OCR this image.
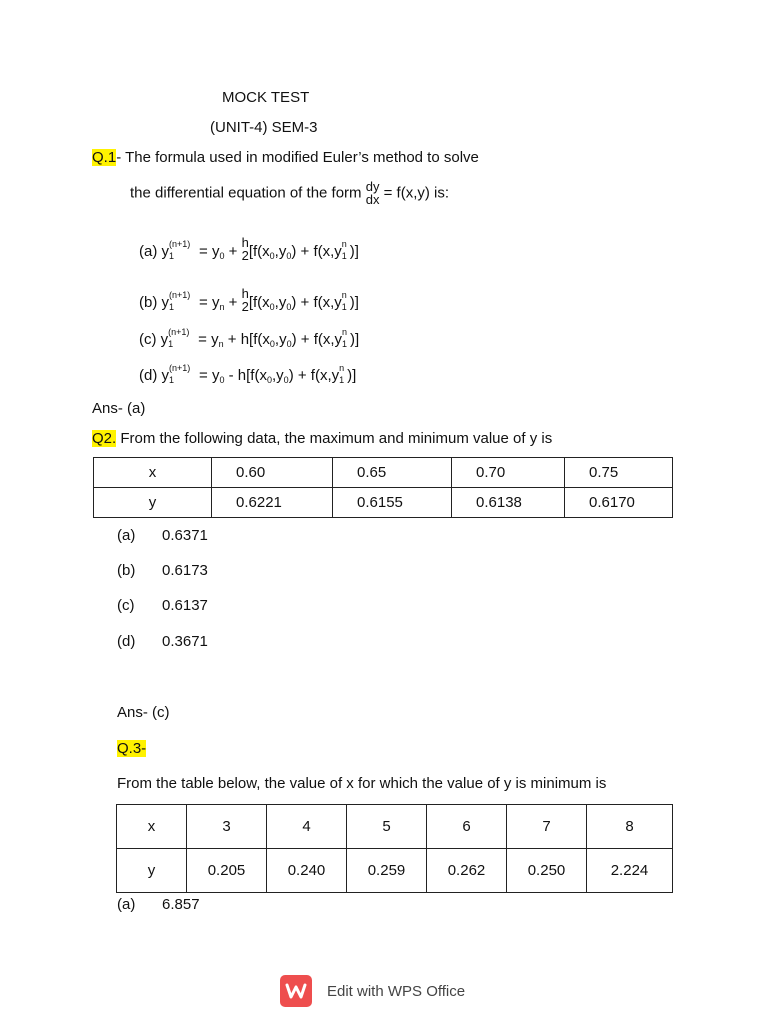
MOCK TEST
(UNIT-4) SEM-3
Q.1- The formula used in modified Euler’s method to solve
the differential equation of the form dy
dx = f(x,y) is:
(a) y (n+1)
$1 = y_0$ +
h
2 [$f(x_0,y_0) + f(x,y$ n
1 )]
(b) y (n+1)
$1 = y_n$ +
h
2 [$f(x_0,y_0) + f(x,y$ n
1 )]
(c) y (n+1)
$1 = y_n + h[f(x_0,y_0) + f(x,y$ n
1 )]
(d) y (n+1)
$1 = y_0 - h[f(x_0,y_0) + f(x,y$ n
1 )]
Ans- (a)
Q2. From the following data, the maximum and minimum value of y is
x	0.60	0.65	0.70	0.75
y	0.6221	0.6155	0.6138	0.6170
(a) 0.6371
(b) 0.6173
(c) 0.6137
(d) 0.3671
Ans- (c)
Q.3-
From the table below, the value of x for which the value of y is minimum is
x	3	4	5	6	7	8
y	0.205	0.240	0.259	0.262	0.250	2.224
(a) 6.857
Edit with WPS Office
